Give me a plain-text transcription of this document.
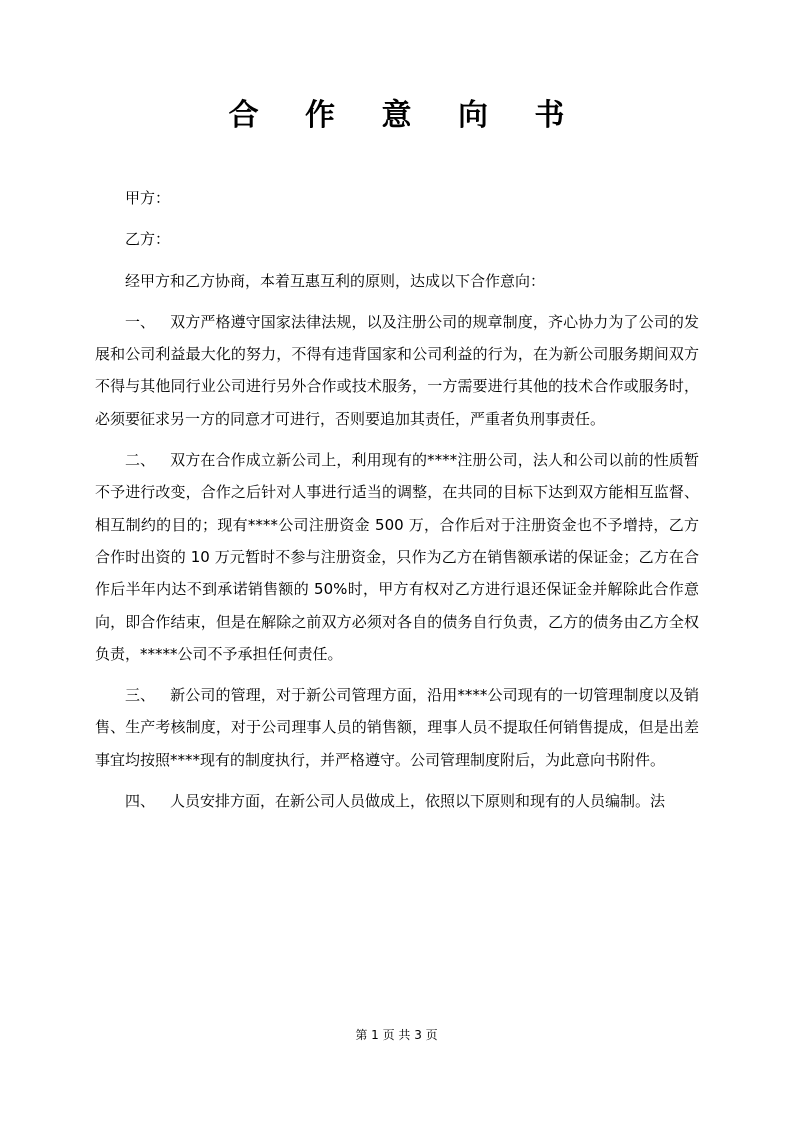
合 作 意 向 书

甲方：

乙方：

经甲方和乙方协商，本着互惠互利的原则，达成以下合作意向：

一、 双方严格遵守国家法律法规，以及注册公司的规章制度，齐心协力为了公司的发展和公司利益最大化的努力，不得有违背国家和公司利益的行为，在为新公司服务期间双方不得与其他同行业公司进行另外合作或技术服务，一方需要进行其他的技术合作或服务时，必须要征求另一方的同意才可进行，否则要追加其责任，严重者负刑事责任。

二、 双方在合作成立新公司上，利用现有的****注册公司，法人和公司以前的性质暂不予进行改变，合作之后针对人事进行适当的调整，在共同的目标下达到双方能相互监督、相互制约的目的；现有****公司注册资金 500 万，合作后对于注册资金也不予增持，乙方合作时出资的 10 万元暂时不参与注册资金，只作为乙方在销售额承诺的保证金；乙方在合作后半年内达不到承诺销售额的 50%时，甲方有权对乙方进行退还保证金并解除此合作意向，即合作结束，但是在解除之前双方必须对各自的债务自行负责，乙方的债务由乙方全权负责，*****公司不予承担任何责任。

三、 新公司的管理，对于新公司管理方面，沿用****公司现有的一切管理制度以及销售、生产考核制度，对于公司理事人员的销售额，理事人员不提取任何销售提成，但是出差事宜均按照****现有的制度执行，并严格遵守。公司管理制度附后，为此意向书附件。

四、 人员安排方面，在新公司人员做成上，依照以下原则和现有的人员编制。法

第 1 页 共 3 页
